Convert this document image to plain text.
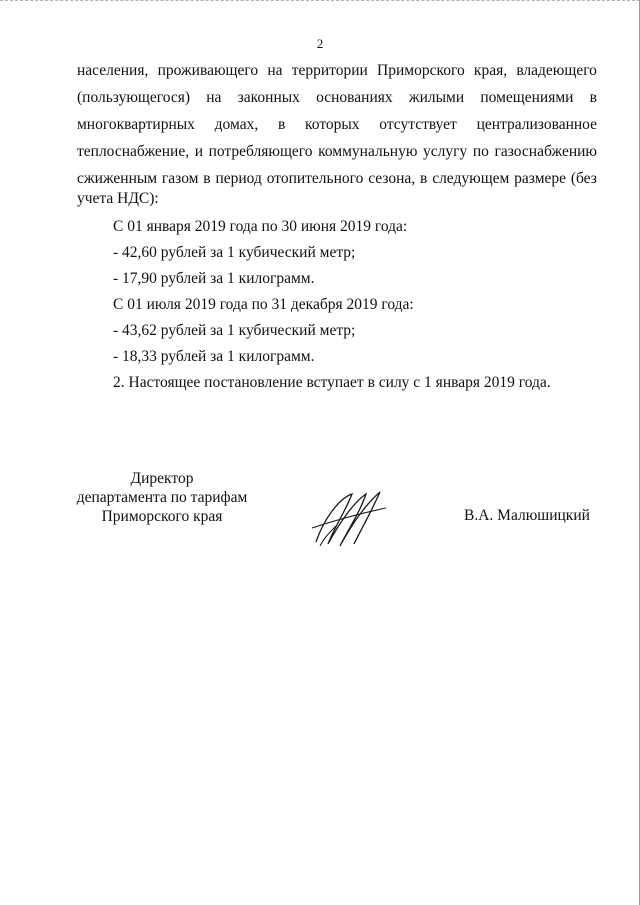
2
населения, проживающего на территории Приморского края, владеющего
(пользующегося) на законных основаниях жилыми помещениями в
многоквартирных домах, в которых отсутствует централизованное
теплоснабжение, и потребляющего коммунальную услугу по газоснабжению
сжиженным газом в период отопительного сезона, в следующем размере (без
учета НДС):
С 01 января 2019 года по 30 июня 2019 года:
- 42,60 рублей за 1 кубический метр;
- 17,90 рублей за 1 килограмм.
С 01 июля 2019 года по 31 декабря 2019 года:
- 43,62 рублей за 1 кубический метр;
- 18,33 рублей за 1 килограмм.
2. Настоящее постановление вступает в силу с 1 января 2019 года.
Директор
департамента по тарифам
Приморского края	В.А. Малюшицкий
